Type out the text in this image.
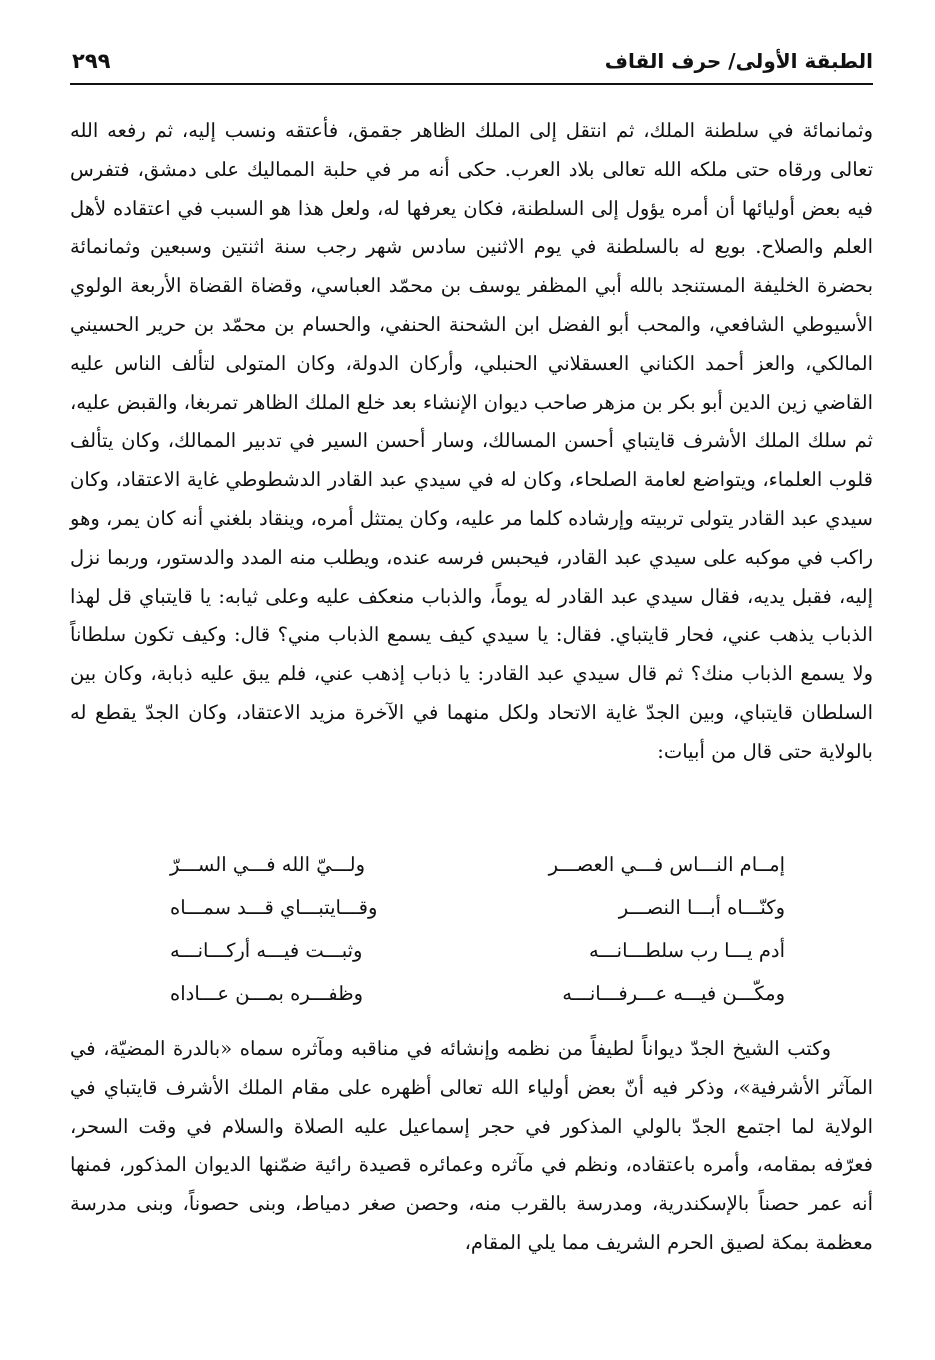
الطبقة الأولى/ حرف القاف
٢٩٩

وثمانمائة في سلطنة الملك، ثم انتقل إلى الملك الظاهر جقمق، فأعتقه ونسب إليه، ثم رفعه الله تعالى ورقاه حتى ملكه الله تعالى بلاد العرب. حكى أنه مر في حلبة المماليك على دمشق، فتفرس فيه بعض أوليائها أن أمره يؤول إلى السلطنة، فكان يعرفها له، ولعل هذا هو السبب في اعتقاده لأهل العلم والصلاح. بويع له بالسلطنة في يوم الاثنين سادس شهر رجب سنة اثنتين وسبعين وثمانمائة بحضرة الخليفة المستنجد بالله أبي المظفر يوسف بن محمّد العباسي، وقضاة القضاة الأربعة الولوي الأسيوطي الشافعي، والمحب أبو الفضل ابن الشحنة الحنفي، والحسام بن محمّد بن حرير الحسيني المالكي، والعز أحمد الكناني العسقلاني الحنبلي، وأركان الدولة، وكان المتولى لتألف الناس عليه القاضي زين الدين أبو بكر بن مزهر صاحب ديوان الإنشاء بعد خلع الملك الظاهر تمربغا، والقبض عليه، ثم سلك الملك الأشرف قايتباي أحسن المسالك، وسار أحسن السير في تدبير الممالك، وكان يتألف قلوب العلماء، ويتواضع لعامة الصلحاء، وكان له في سيدي عبد القادر الدشطوطي غاية الاعتقاد، وكان سيدي عبد القادر يتولى تربيته وإرشاده كلما مر عليه، وكان يمتثل أمره، وينقاد بلغني أنه كان يمر، وهو راكب في موكبه على سيدي عبد القادر، فيحبس فرسه عنده، ويطلب منه المدد والدستور، وربما نزل إليه، فقبل يديه، فقال سيدي عبد القادر له يوماً، والذباب منعكف عليه وعلى ثيابه: يا قايتباي قل لهذا الذباب يذهب عني، فحار قايتباي. فقال: يا سيدي كيف يسمع الذباب مني؟ قال: وكيف تكون سلطاناً ولا يسمع الذباب منك؟ ثم قال سيدي عبد القادر: يا ذباب إذهب عني، فلم يبق عليه ذبابة، وكان بين السلطان قايتباي، وبين الجدّ غاية الاتحاد ولكل منهما في الآخرة مزيد الاعتقاد، وكان الجدّ يقطع له بالولاية حتى قال من أبيات:

إمــام النـــاس فـــي العصـــر
ولـــيّ الله فـــي الســـرّ
وكنّـــاه أبـــا النصـــر
وقـــايتبـــاي قـــد سمـــاه
أدم يـــا رب سلطـــانـــه
وثبـــت فيـــه أركـــانـــه
ومكّـــن فيـــه عـــرفـــانـــه
وظفـــره بمـــن عـــاداه

وكتب الشيخ الجدّ ديواناً لطيفاً من نظمه وإنشائه في مناقبه ومآثره سماه «بالدرة المضيّة، في المآثر الأشرفية»، وذكر فيه أنّ بعض أولياء الله تعالى أظهره على مقام الملك الأشرف قايتباي في الولاية لما اجتمع الجدّ بالولي المذكور في حجر إسماعيل عليه الصلاة والسلام في وقت السحر، فعرّفه بمقامه، وأمره باعتقاده، ونظم في مآثره وعمائره قصيدة رائية ضمّنها الديوان المذكور، فمنها أنه عمر حصناً بالإسكندرية، ومدرسة بالقرب منه، وحصن صغر دمياط، وبنى حصوناً، وبنى مدرسة معظمة بمكة لصيق الحرم الشريف مما يلي المقام،
